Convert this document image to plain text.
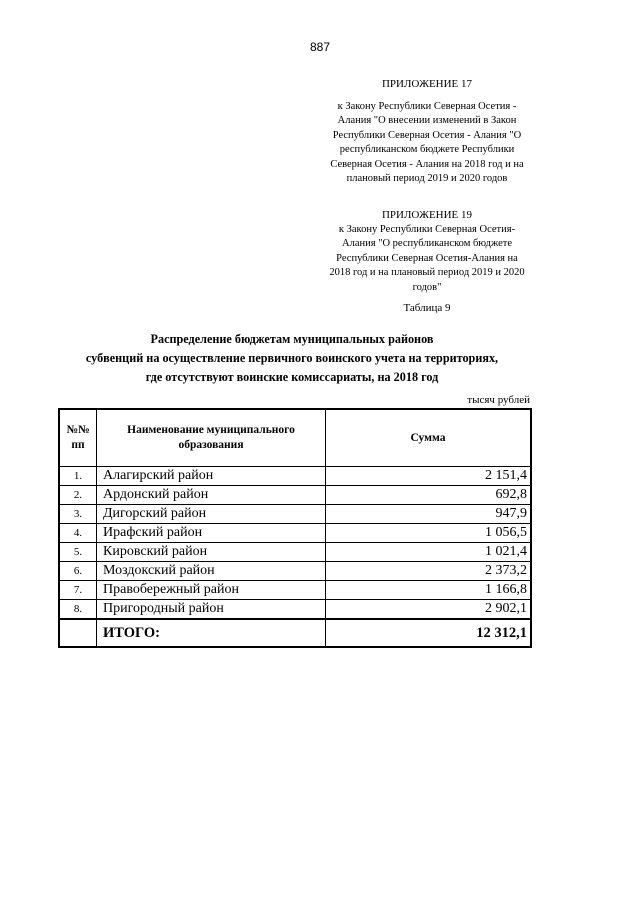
887
ПРИЛОЖЕНИЕ 17
к Закону Республики Северная Осетия -
Алания "О внесении изменений в Закон
Республики Северная Осетия - Алания "О
республиканском бюджете Республики
Северная Осетия - Алания на 2018 год и на
плановый период 2019 и 2020 годов
ПРИЛОЖЕНИЕ 19
к Закону Республики Северная Осетия-
Алания "О республиканском бюджете
Республики Северная Осетия-Алания на
2018 год и на плановый период 2019 и 2020
годов"
Таблица 9
Распределение бюджетам муниципальных районов
субвенций на осуществление первичного воинского учета на территориях,
где отсутствуют воинские комиссариаты, на 2018 год
тысяч рублей
№№ пп	Наименование муниципального образования	Сумма
1.	Алагирский район	2 151,4
2.	Ардонский район	692,8
3.	Дигорский район	947,9
4.	Ирафский район	1 056,5
5.	Кировский район	1 021,4
6.	Моздокский район	2 373,2
7.	Правобережный район	1 166,8
8.	Пригородный район	2 902,1
	ИТОГО:	12 312,1
